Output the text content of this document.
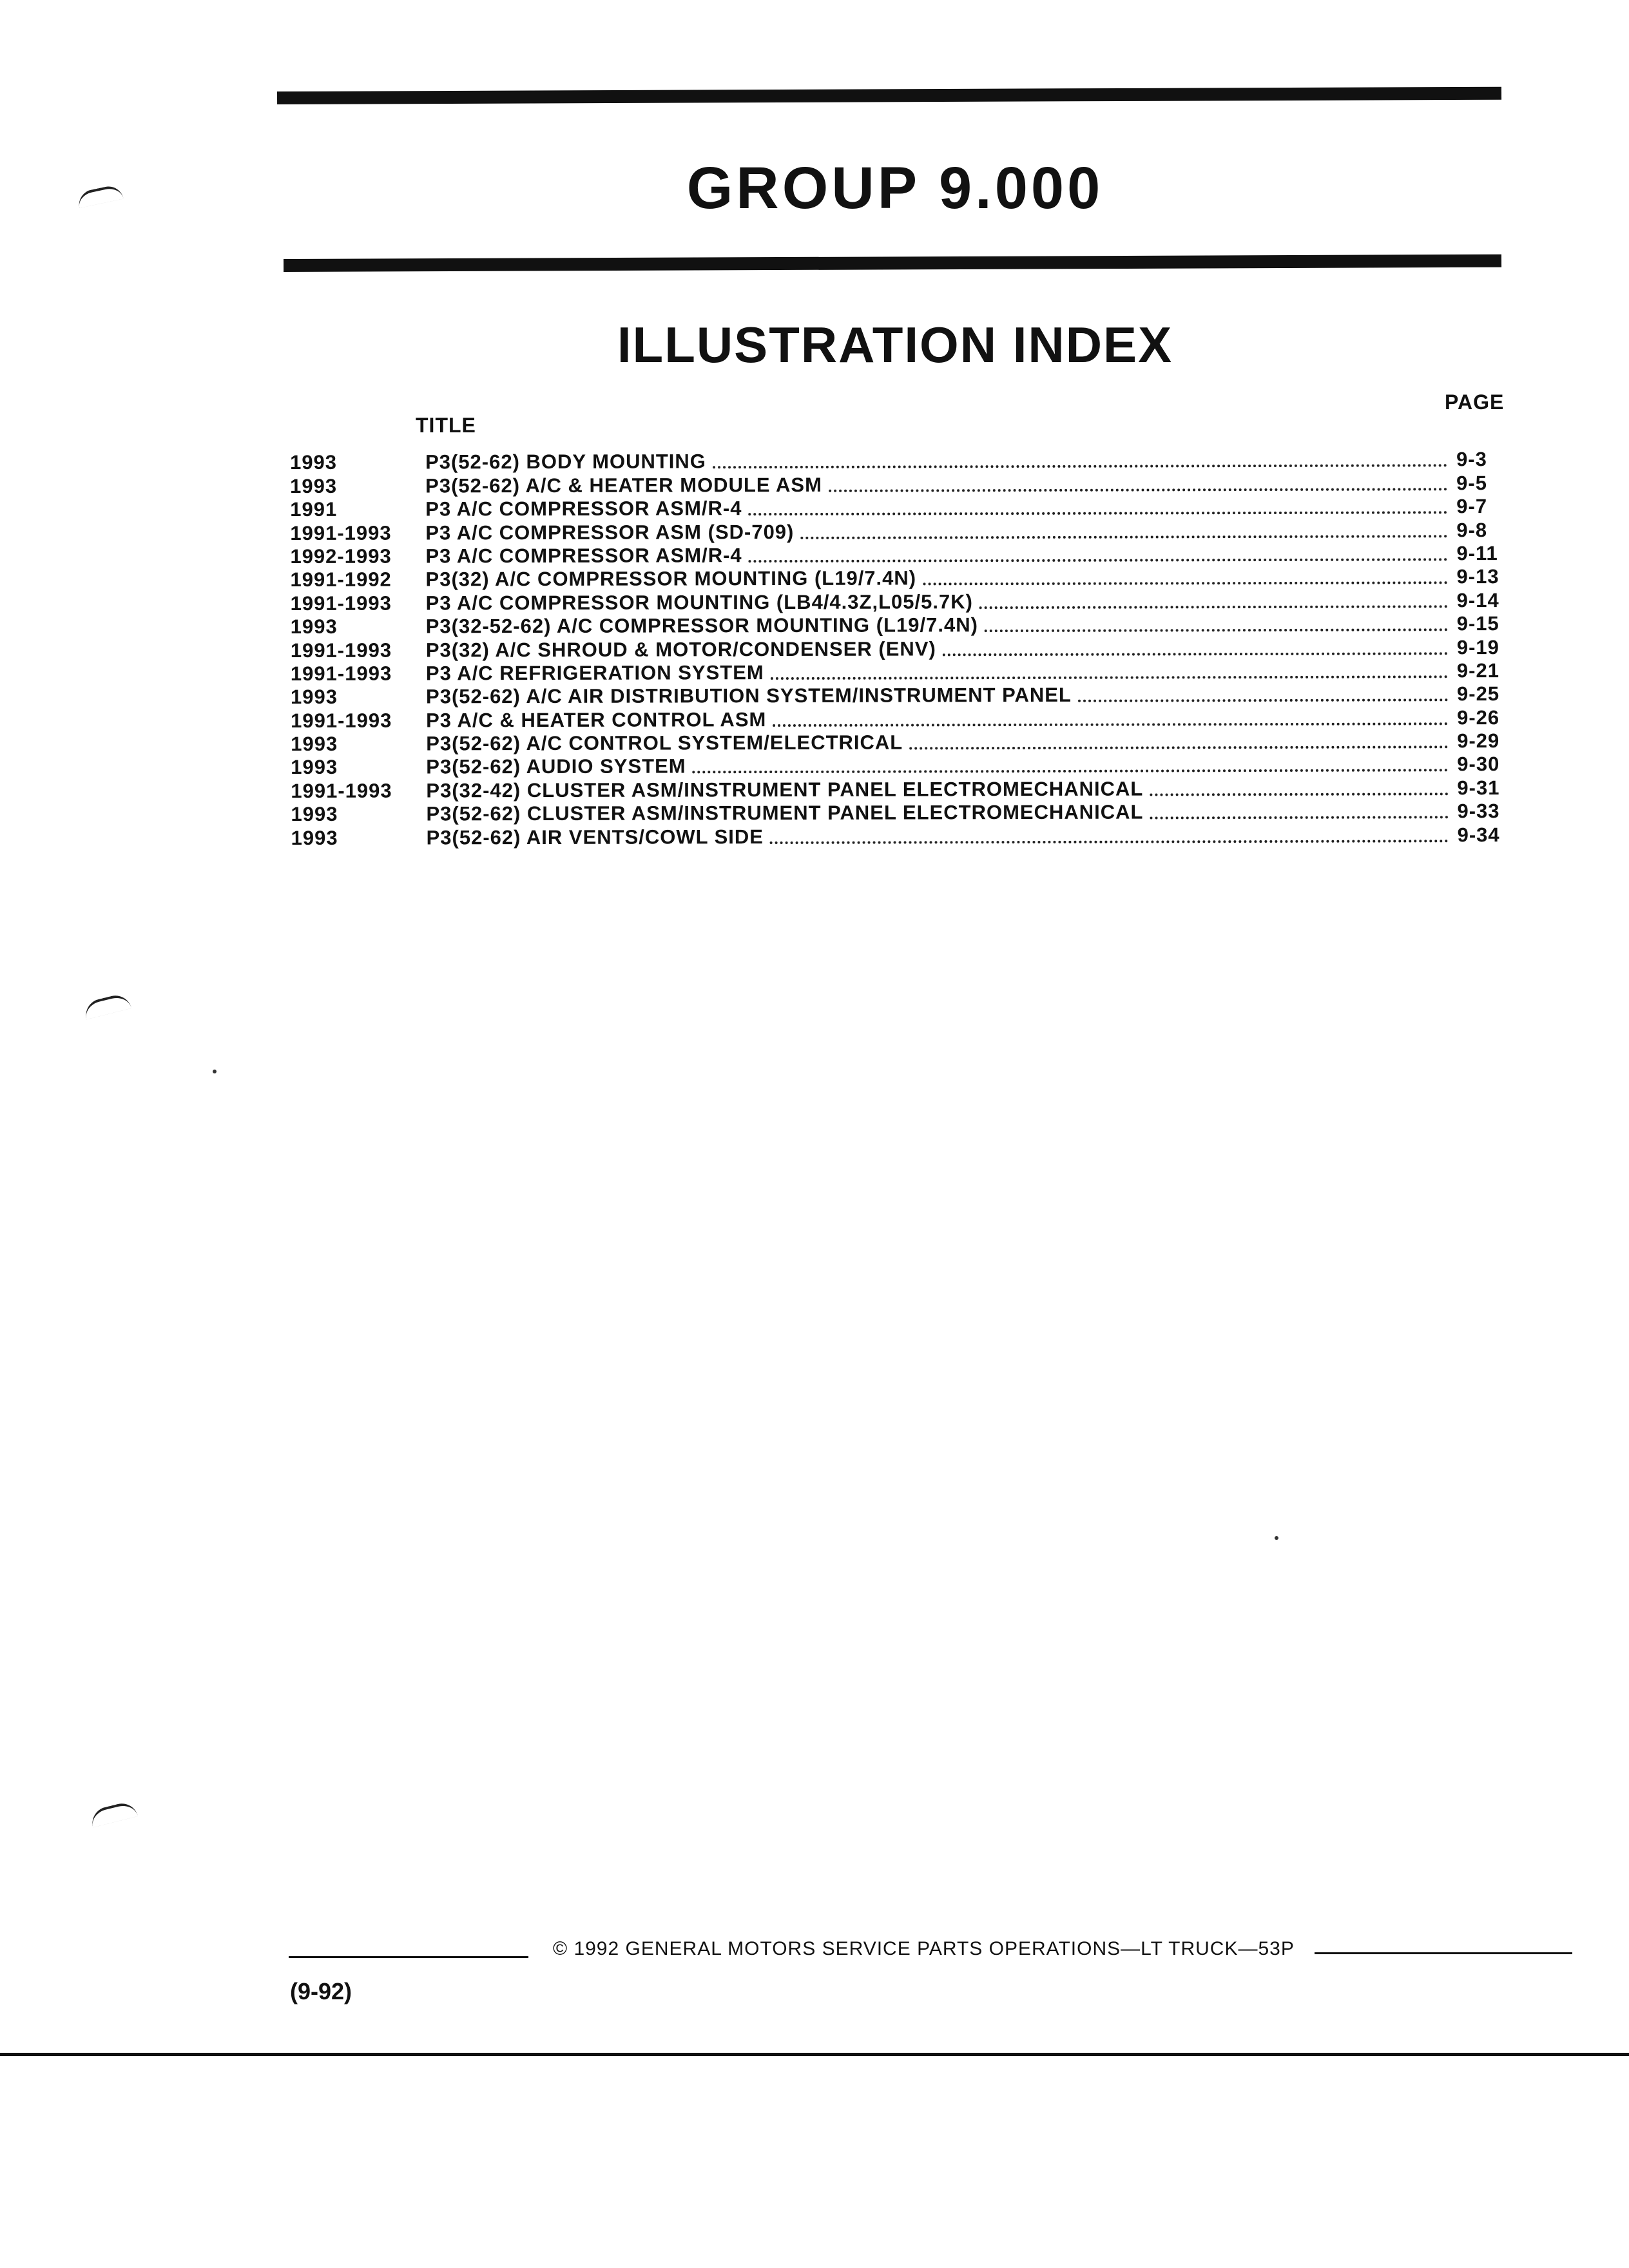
GROUP 9.000
ILLUSTRATION INDEX
PAGE
TITLE
1993	P3(52-62) BODY MOUNTING	9-3
1993	P3(52-62) A/C & HEATER MODULE ASM	9-5
1991	P3 A/C COMPRESSOR ASM/R-4	9-7
1991-1993	P3 A/C COMPRESSOR ASM (SD-709)	9-8
1992-1993	P3 A/C COMPRESSOR ASM/R-4	9-11
1991-1992	P3(32) A/C COMPRESSOR MOUNTING (L19/7.4N)	9-13
1991-1993	P3 A/C COMPRESSOR MOUNTING (LB4/4.3Z,L05/5.7K)	9-14
1993	P3(32-52-62) A/C COMPRESSOR MOUNTING (L19/7.4N)	9-15
1991-1993	P3(32) A/C SHROUD & MOTOR/CONDENSER (ENV)	9-19
1991-1993	P3 A/C REFRIGERATION SYSTEM	9-21
1993	P3(52-62) A/C AIR DISTRIBUTION SYSTEM/INSTRUMENT PANEL	9-25
1991-1993	P3 A/C & HEATER CONTROL ASM	9-26
1993	P3(52-62) A/C CONTROL SYSTEM/ELECTRICAL	9-29
1993	P3(52-62) AUDIO SYSTEM	9-30
1991-1993	P3(32-42) CLUSTER ASM/INSTRUMENT PANEL ELECTROMECHANICAL	9-31
1993	P3(52-62) CLUSTER ASM/INSTRUMENT PANEL ELECTROMECHANICAL	9-33
1993	P3(52-62) AIR VENTS/COWL SIDE	9-34
© 1992 GENERAL MOTORS SERVICE PARTS OPERATIONS—LT TRUCK—53P
(9-92)
